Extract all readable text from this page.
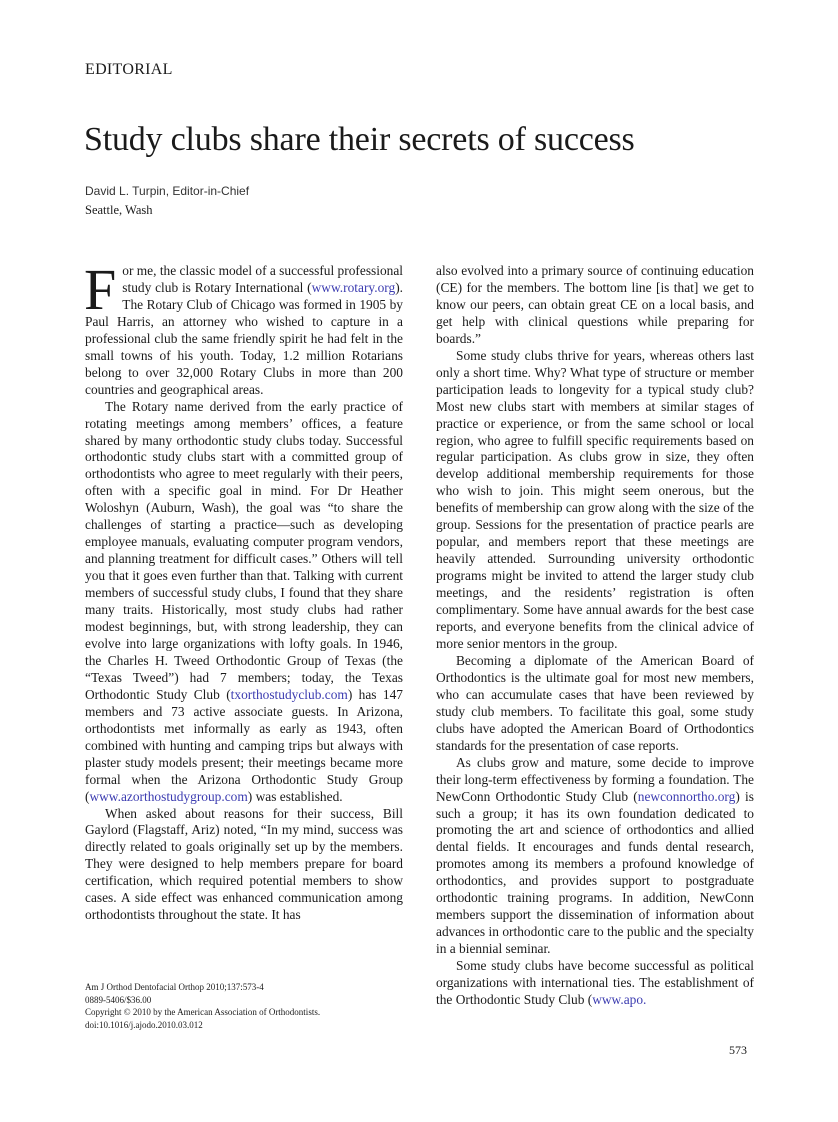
EDITORIAL
Study clubs share their secrets of success
David L. Turpin, Editor-in-Chief
Seattle, Wash

For me, the classic model of a successful professional study club is Rotary International (www.rotary.org). The Rotary Club of Chicago was formed in 1905 by Paul Harris, an attorney who wished to capture in a professional club the same friendly spirit he had felt in the small towns of his youth. Today, 1.2 million Rotarians belong to over 32,000 Rotary Clubs in more than 200 countries and geographical areas.

The Rotary name derived from the early practice of rotating meetings among members’ offices, a feature shared by many orthodontic study clubs today. Successful orthodontic study clubs start with a committed group of orthodontists who agree to meet regularly with their peers, often with a specific goal in mind. For Dr Heather Woloshyn (Auburn, Wash), the goal was “to share the challenges of starting a practice—such as developing employee manuals, evaluating computer program vendors, and planning treatment for difficult cases.” Others will tell you that it goes even further than that. Talking with current members of successful study clubs, I found that they share many traits. Historically, most study clubs had rather modest beginnings, but, with strong leadership, they can evolve into large organizations with lofty goals. In 1946, the Charles H. Tweed Orthodontic Group of Texas (the “Texas Tweed”) had 7 members; today, the Texas Orthodontic Study Club (txorthostudyclub.com) has 147 members and 73 active associate guests. In Arizona, orthodontists met informally as early as 1943, often combined with hunting and camping trips but always with plaster study models present; their meetings became more formal when the Arizona Orthodontic Study Group (www.azorthostudygroup.com) was established.

When asked about reasons for their success, Bill Gaylord (Flagstaff, Ariz) noted, “In my mind, success was directly related to goals originally set up by the members. They were designed to help members prepare for board certification, which required potential members to show cases. A side effect was enhanced communication among orthodontists throughout the state. It has

also evolved into a primary source of continuing education (CE) for the members. The bottom line [is that] we get to know our peers, can obtain great CE on a local basis, and get help with clinical questions while preparing for boards.”

Some study clubs thrive for years, whereas others last only a short time. Why? What type of structure or member participation leads to longevity for a typical study club? Most new clubs start with members at similar stages of practice or experience, or from the same school or local region, who agree to fulfill specific requirements based on regular participation. As clubs grow in size, they often develop additional membership requirements for those who wish to join. This might seem onerous, but the benefits of membership can grow along with the size of the group. Sessions for the presentation of practice pearls are popular, and members report that these meetings are heavily attended. Surrounding university orthodontic programs might be invited to attend the larger study club meetings, and the residents’ registration is often complimentary. Some have annual awards for the best case reports, and everyone benefits from the clinical advice of more senior mentors in the group.

Becoming a diplomate of the American Board of Orthodontics is the ultimate goal for most new members, who can accumulate cases that have been reviewed by study club members. To facilitate this goal, some study clubs have adopted the American Board of Orthodontics standards for the presentation of case reports.

As clubs grow and mature, some decide to improve their long-term effectiveness by forming a foundation. The NewConn Orthodontic Study Club (newconnortho.org) is such a group; it has its own foundation dedicated to promoting the art and science of orthodontics and allied dental fields. It encourages and funds dental research, promotes among its members a profound knowledge of orthodontics, and provides support to postgraduate orthodontic training programs. In addition, NewConn members support the dissemination of information about advances in orthodontic care to the public and the specialty in a biennial seminar.

Some study clubs have become successful as political organizations with international ties. The establishment of the Orthodontic Study Club (www.apo.

Am J Orthod Dentofacial Orthop 2010;137:573-4
0889-5406/$36.00
Copyright © 2010 by the American Association of Orthodontists.
doi:10.1016/j.ajodo.2010.03.012
573
